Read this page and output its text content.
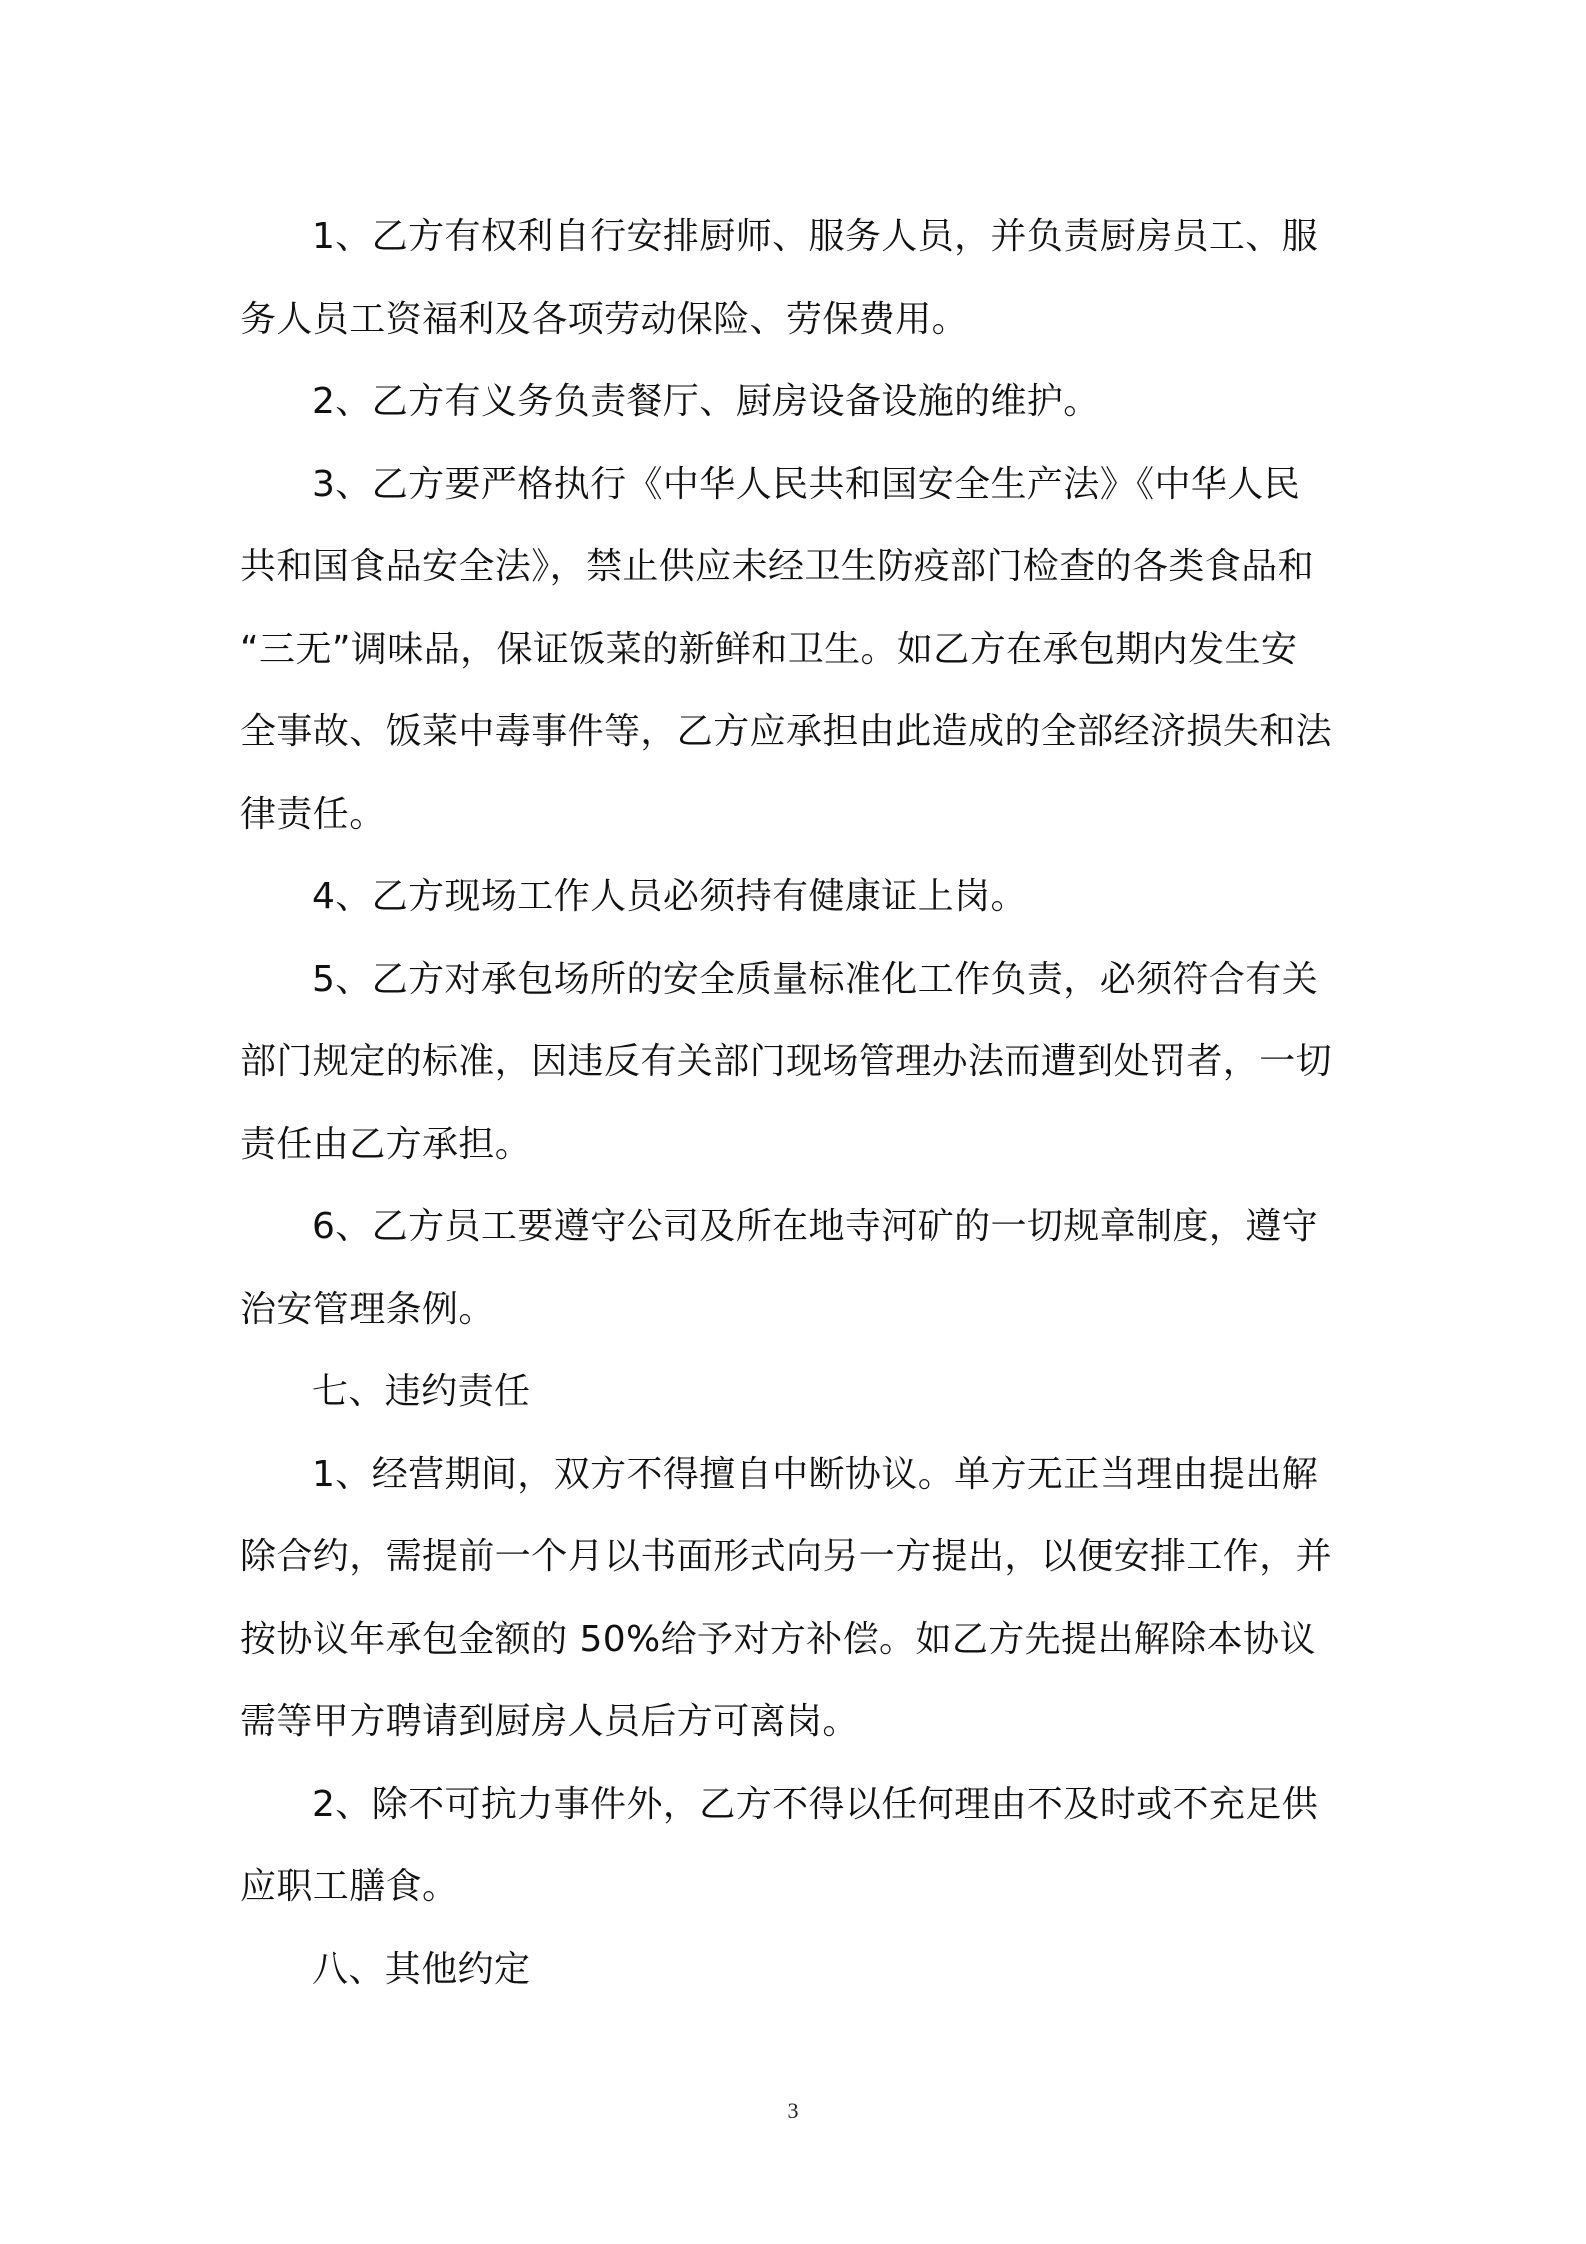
1、乙方有权利自行安排厨师、服务人员，并负责厨房员工、服
务人员工资福利及各项劳动保险、劳保费用。

2、乙方有义务负责餐厅、厨房设备设施的维护。

3、乙方要严格执行《中华人民共和国安全生产法》《中华人民
共和国食品安全法》，禁止供应未经卫生防疫部门检查的各类食品和
“三无”调味品，保证饭菜的新鲜和卫生。如乙方在承包期内发生安
全事故、饭菜中毒事件等，乙方应承担由此造成的全部经济损失和法
律责任。

4、乙方现场工作人员必须持有健康证上岗。

5、乙方对承包场所的安全质量标准化工作负责，必须符合有关
部门规定的标准，因违反有关部门现场管理办法而遭到处罚者，一切
责任由乙方承担。

6、乙方员工要遵守公司及所在地寺河矿的一切规章制度，遵守
治安管理条例。

七、违约责任

1、经营期间，双方不得擅自中断协议。单方无正当理由提出解
除合约，需提前一个月以书面形式向另一方提出，以便安排工作，并
按协议年承包金额的 50%给予对方补偿。如乙方先提出解除本协议
需等甲方聘请到厨房人员后方可离岗。

2、除不可抗力事件外，乙方不得以任何理由不及时或不充足供
应职工膳食。

八、其他约定

3
